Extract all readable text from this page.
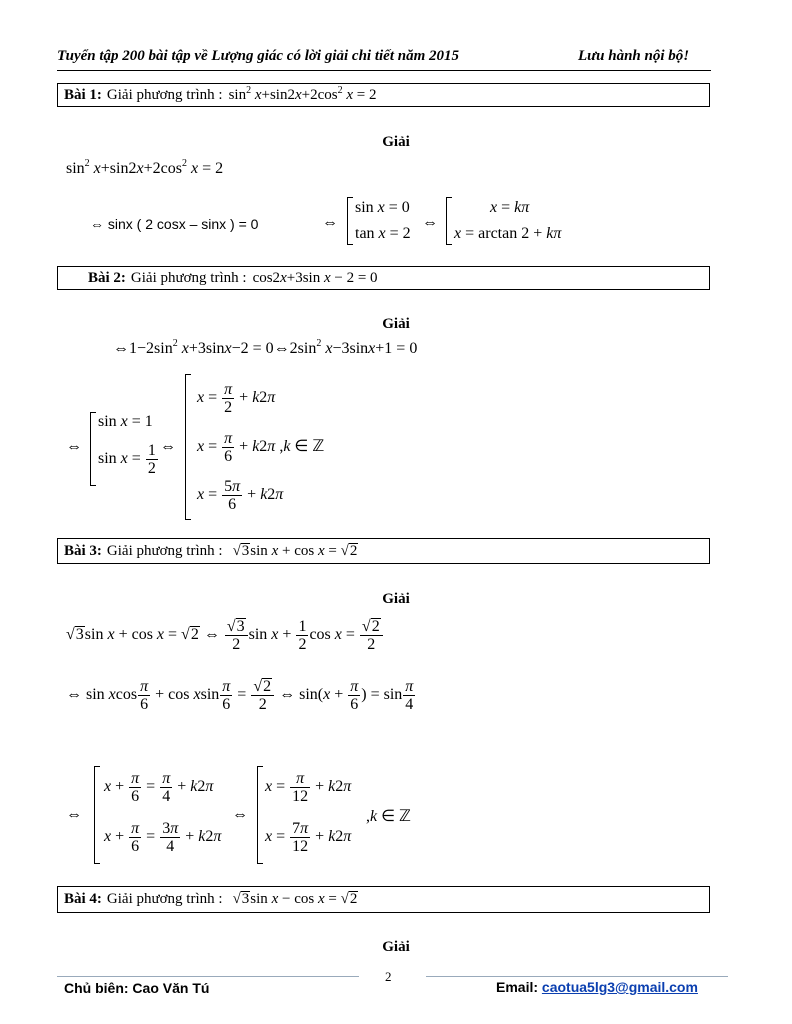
Tuyển tập 200 bài tập về Lượng giác có lời giải chi tiết năm 2015	Lưu hành nội bộ!
Bài 1: Giải phương trình : $\sin^2 x+\sin 2x+2\cos^2$ x = 2
Giải
$\sin^2 x+\sin 2x+2\cos^2$ x = 2
⇔ sinx ( 2 cosx – sinx ) = 0	⇔
sin x = 0
tan x = 2
⇔
x = kπ
x = arctan 2 + kπ
Bài 2: Giải phương trình : cos2x+3sin x − 2 = 0
Giải
$\Leftrightarrow 1-2\sin^2$ $x+3\sin x-2 = 0\Leftrightarrow 2\sin^2$ x−3sinx+1 = 0
⇔
sin x = 1
$\sin x = \frac{1}{2}$ ⇔
$x = \frac{\pi}{2} + k2\pi$
$x = \frac{\pi}{6} + k2\pi$ ,k ∈ ℤ
$x = \frac{5\pi}{6} + k2\pi$
Bài 3: Giải phương trình : √3sin x + cos x = √2
Giải
√3sin x + cos x = √2 ⇔ $\frac{√3}{2}$ $\sin x + \frac{1}{2}$ $\cos x = \frac{√2}{2}$
⇔ sin xcos $\frac{\pi}{6} + \cos xsin \frac{\pi}{6} = \frac{√2}{2}$ ⇔ $\sin(x + \frac{\pi}{6}$ ) = $\sin \frac{\pi}{4}$
⇔
$x + \frac{\pi}{6} = \frac{\pi}{4} + k2\pi$
$x + \frac{\pi}{6} = \frac{3\pi}{4} + k2\pi$
⇔
$x = \frac{\pi}{12} + k2\pi$
,k ∈ ℤ
$x = \frac{7\pi}{12} + k2\pi$
Bài 4: Giải phương trình : √3sin x − cos x = √2
Giải
2
Chủ biên: Cao Văn Tú	Email: caotua5lg3@gmail.com
